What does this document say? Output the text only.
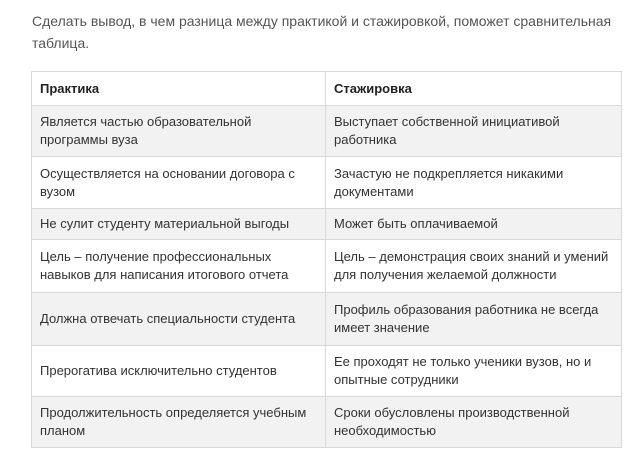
Сделать вывод, в чем разница между практикой и стажировкой, поможет сравнительная таблица.

Практика	Стажировка
Является частью образовательной программы вуза	Выступает собственной инициативой работника
Осуществляется на основании договора с вузом	Зачастую не подкрепляется никакими документами
Не сулит студенту материальной выгоды	Может быть оплачиваемой
Цель – получение профессиональных навыков для написания итогового отчета	Цель – демонстрация своих знаний и умений для получения желаемой должности
Должна отвечать специальности студента	Профиль образования работника не всегда имеет значение
Прерогатива исключительно студентов	Ее проходят не только ученики вузов, но и опытные сотрудники
Продолжительность определяется учебным планом	Сроки обусловлены производственной необходимостью
